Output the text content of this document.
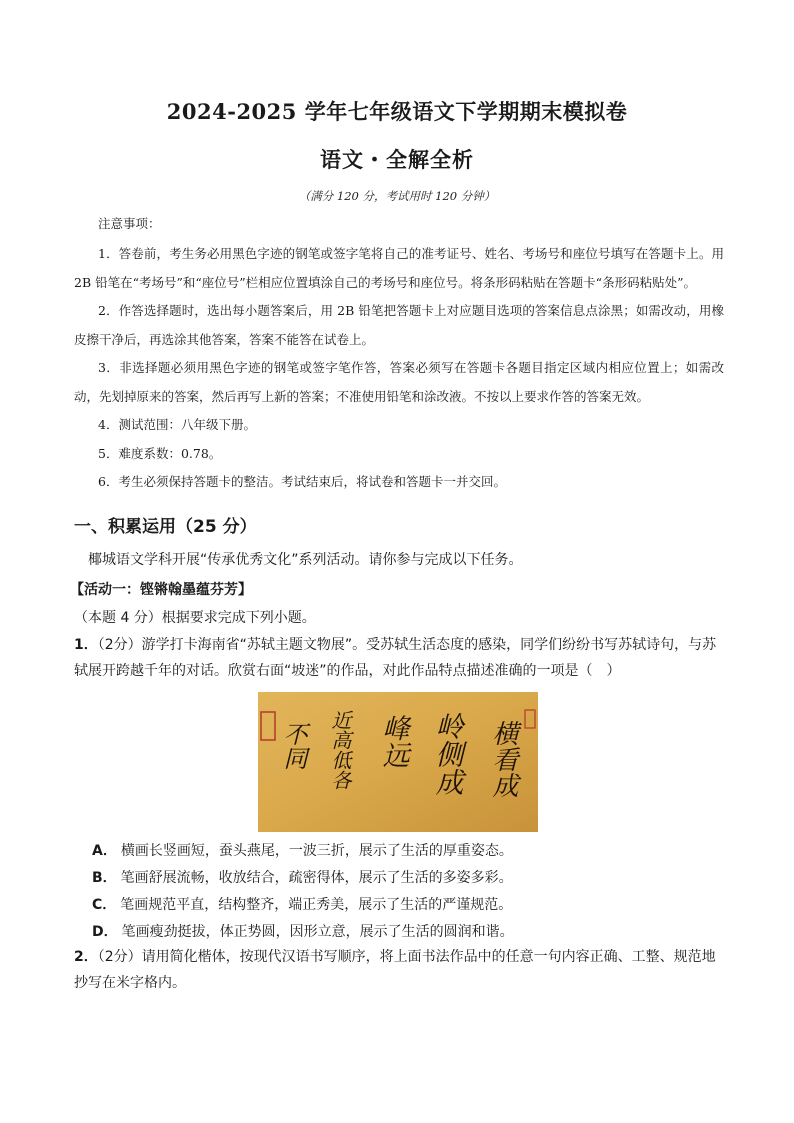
2024-2025 学年七年级语文下学期期末模拟卷
语文・全解全析
（满分 120 分，考试用时 120 分钟）
注意事项：

1．答卷前，考生务必用黑色字迹的钢笔或签字笔将自己的准考证号、姓名、考场号和座位号填写在答题卡上。用 2B 铅笔在“考场号”和“座位号”栏相应位置填涂自己的考场号和座位号。将条形码粘贴在答题卡“条形码粘贴处”。

2．作答选择题时，选出每小题答案后，用 2B 铅笔把答题卡上对应题目选项的答案信息点涂黑；如需改动，用橡皮擦干净后，再选涂其他答案，答案不能答在试卷上。

3．非选择题必须用黑色字迹的钢笔或签字笔作答，答案必须写在答题卡各题目指定区域内相应位置上；如需改动，先划掉原来的答案，然后再写上新的答案；不准使用铅笔和涂改液。不按以上要求作答的答案无效。

4．测试范围：八年级下册。

5．难度系数：0.78。

6．考生必须保持答题卡的整洁。考试结束后，将试卷和答题卡一并交回。

一、积累运用（25 分）
椰城语文学科开展“传承优秀文化”系列活动。请你参与完成以下任务。
【活动一：铿锵翰墨蕴芬芳】
（本题 4 分）根据要求完成下列小题。
1．（2分）游学打卡海南省“苏轼主题文物展”。受苏轼生活态度的感染，同学们纷纷书写苏轼诗句，与苏轼展开跨越千年的对话。欣赏右面“坡迷”的作品，对此作品特点描述准确的一项是（　）
横看成
岭侧成
峰远
近高低各
不同
A． 横画长竖画短，蚕头燕尾，一波三折，展示了生活的厚重姿态。
B． 笔画舒展流畅，收放结合，疏密得体，展示了生活的多姿多彩。
C． 笔画规范平直，结构整齐，端正秀美，展示了生活的严谨规范。
D． 笔画瘦劲挺拔，体正势圆，因形立意，展示了生活的圆润和谐。
2．（2分）请用简化楷体，按现代汉语书写顺序，将上面书法作品中的任意一句内容正确、工整、规范地抄写在米字格内。
